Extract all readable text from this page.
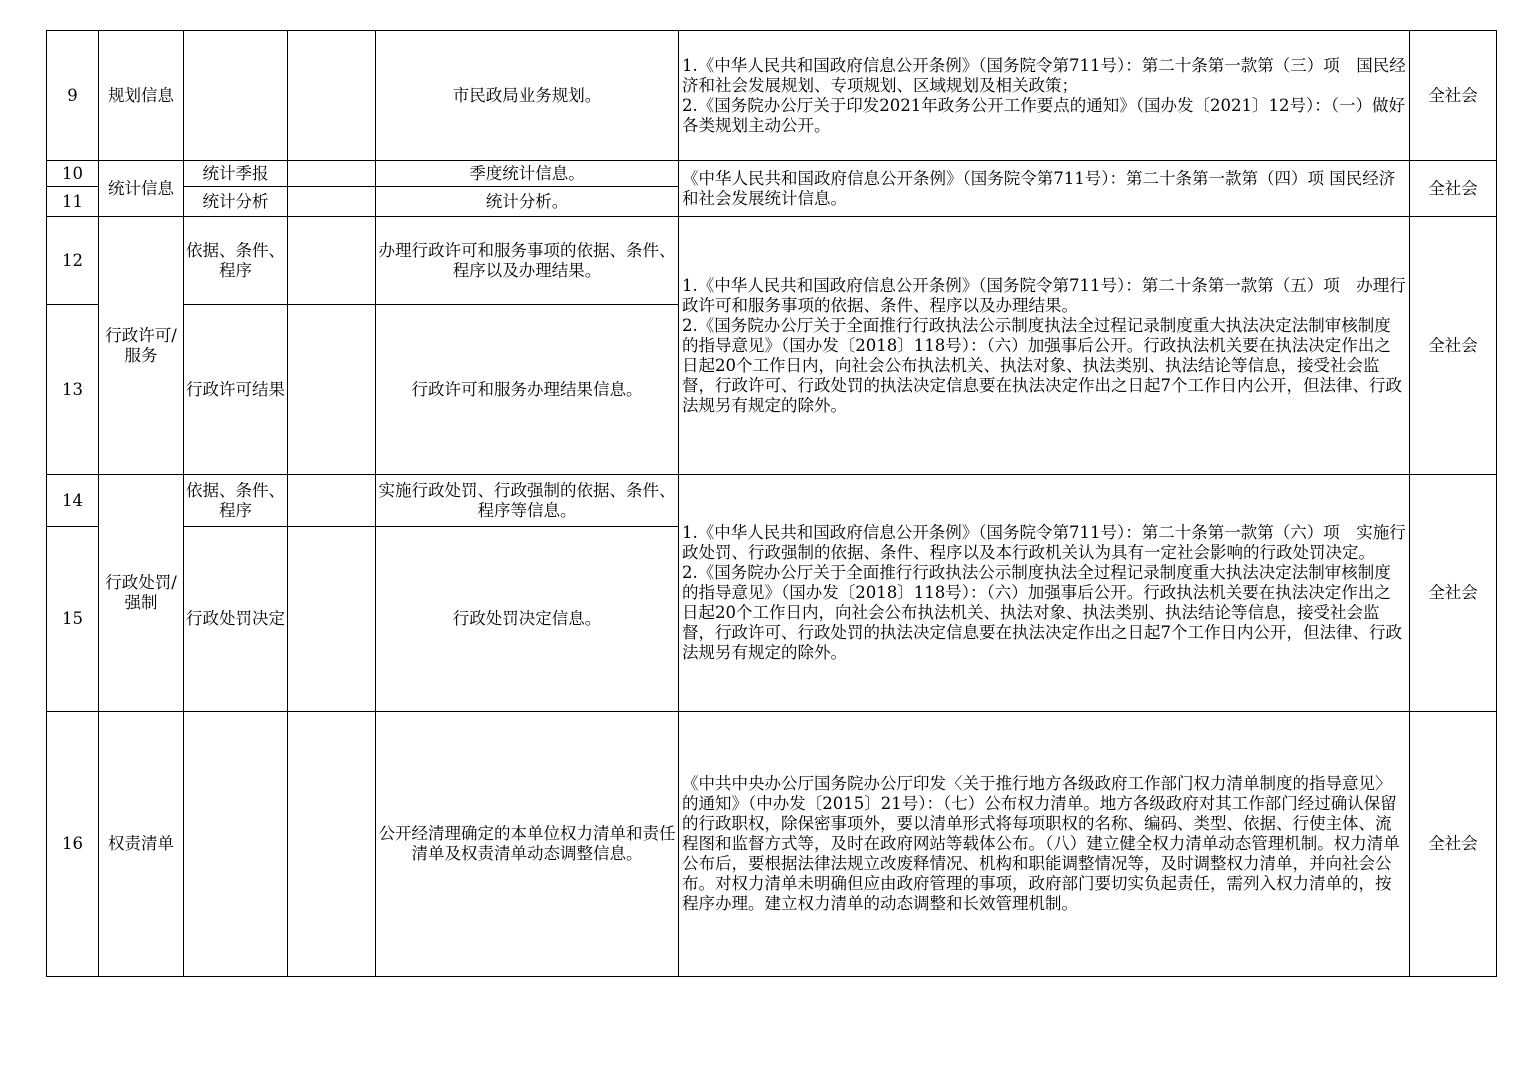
9	规划信息			市民政局业务规划。	1.《中华人民共和国政府信息公开条例》（国务院令第711号）：第二十条第一款第（三）项　国民经济和社会发展规划、专项规划、区域规划及相关政策；
2.《国务院办公厅关于印发2021年政务公开工作要点的通知》（国办发〔2021〕12号）：（一）做好各类规划主动公开。	全社会
10	统计信息	统计季报		季度统计信息。	《中华人民共和国政府信息公开条例》（国务院令第711号）：第二十条第一款第（四）项 国民经济和社会发展统计信息。	全社会
11		统计分析		统计分析。		
12	行政许可/服务	依据、条件、程序		办理行政许可和服务事项的依据、条件、程序以及办理结果。	1.《中华人民共和国政府信息公开条例》（国务院令第711号）：第二十条第一款第（五）项　办理行政许可和服务事项的依据、条件、程序以及办理结果。
2.《国务院办公厅关于全面推行行政执法公示制度执法全过程记录制度重大执法决定法制审核制度的指导意见》（国办发〔2018〕118号）：（六）加强事后公开。行政执法机关要在执法决定作出之日起20个工作日内，向社会公布执法机关、执法对象、执法类别、执法结论等信息，接受社会监督，行政许可、行政处罚的执法决定信息要在执法决定作出之日起7个工作日内公开，但法律、行政法规另有规定的除外。	全社会
13		行政许可结果		行政许可和服务办理结果信息。		
14	行政处罚/强制	依据、条件、程序		实施行政处罚、行政强制的依据、条件、程序等信息。	1.《中华人民共和国政府信息公开条例》（国务院令第711号）：第二十条第一款第（六）项　实施行政处罚、行政强制的依据、条件、程序以及本行政机关认为具有一定社会影响的行政处罚决定。
2.《国务院办公厅关于全面推行行政执法公示制度执法全过程记录制度重大执法决定法制审核制度的指导意见》（国办发〔2018〕118号）：（六）加强事后公开。行政执法机关要在执法决定作出之日起20个工作日内，向社会公布执法机关、执法对象、执法类别、执法结论等信息，接受社会监督，行政许可、行政处罚的执法决定信息要在执法决定作出之日起7个工作日内公开，但法律、行政法规另有规定的除外。	全社会
15		行政处罚决定		行政处罚决定信息。		
16	权责清单			公开经清理确定的本单位权力清单和责任清单及权责清单动态调整信息。	《中共中央办公厅国务院办公厅印发〈关于推行地方各级政府工作部门权力清单制度的指导意见〉的通知》（中办发〔2015〕21号）：（七）公布权力清单。地方各级政府对其工作部门经过确认保留的行政职权，除保密事项外，要以清单形式将每项职权的名称、编码、类型、依据、行使主体、流程图和监督方式等，及时在政府网站等载体公布。（八）建立健全权力清单动态管理机制。权力清单公布后，要根据法律法规立改废释情况、机构和职能调整情况等，及时调整权力清单，并向社会公布。对权力清单未明确但应由政府管理的事项，政府部门要切实负起责任，需列入权力清单的，按程序办理。建立权力清单的动态调整和长效管理机制。	全社会
